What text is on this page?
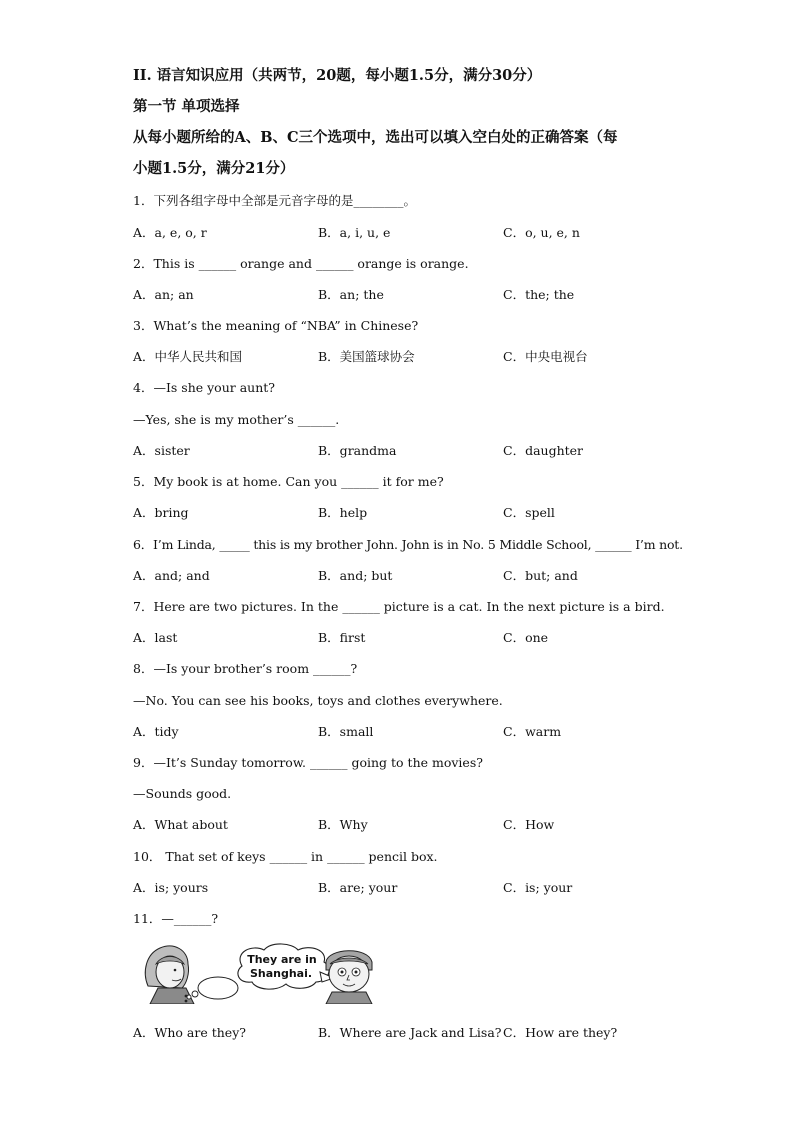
II. 语言知识应用（共两节，20题，每小题1.5分，满分30分）
第一节 单项选择
从每小题所给的A、B、C三个选项中，选出可以填入空白处的正确答案（每
小题1.5分，满分21分）
1．下列各组字母中全部是元音字母的是________。
A．a, e, o, r	B．a, i, u, e	C．o, u, e, n
2．This is ______ orange and ______ orange is orange.
A．an; an	B．an; the	C．the; the
3．What’s the meaning of “NBA” in Chinese?
A．中华人民共和国	B．美国篮球协会	C．中央电视台
4．—Is she your aunt?
—Yes, she is my mother’s ______.
A．sister	B．grandma	C．daughter
5．My book is at home. Can you ______ it for me?
A．bring	B．help	C．spell
6．I’m Linda, _____ this is my brother John. John is in No. 5 Middle School, ______ I’m not.
A．and; and	B．and; but	C．but; and
7．Here are two pictures. In the ______ picture is a cat. In the next picture is a bird.
A．last	B．first	C．one
8．—Is your brother’s room ______?
—No. You can see his books, toys and clothes everywhere.
A．tidy	B．small	C．warm
9．—It’s Sunday tomorrow. ______ going to the movies?
—Sounds good.
A．What about	B．Why	C．How
10． That set of keys ______ in ______ pencil box.
A．is; yours	B．are; your	C．is; your
11．—______?
They are in
Shanghai.
A．Who are they?	B．Where are Jack and Lisa? C．How are they?
